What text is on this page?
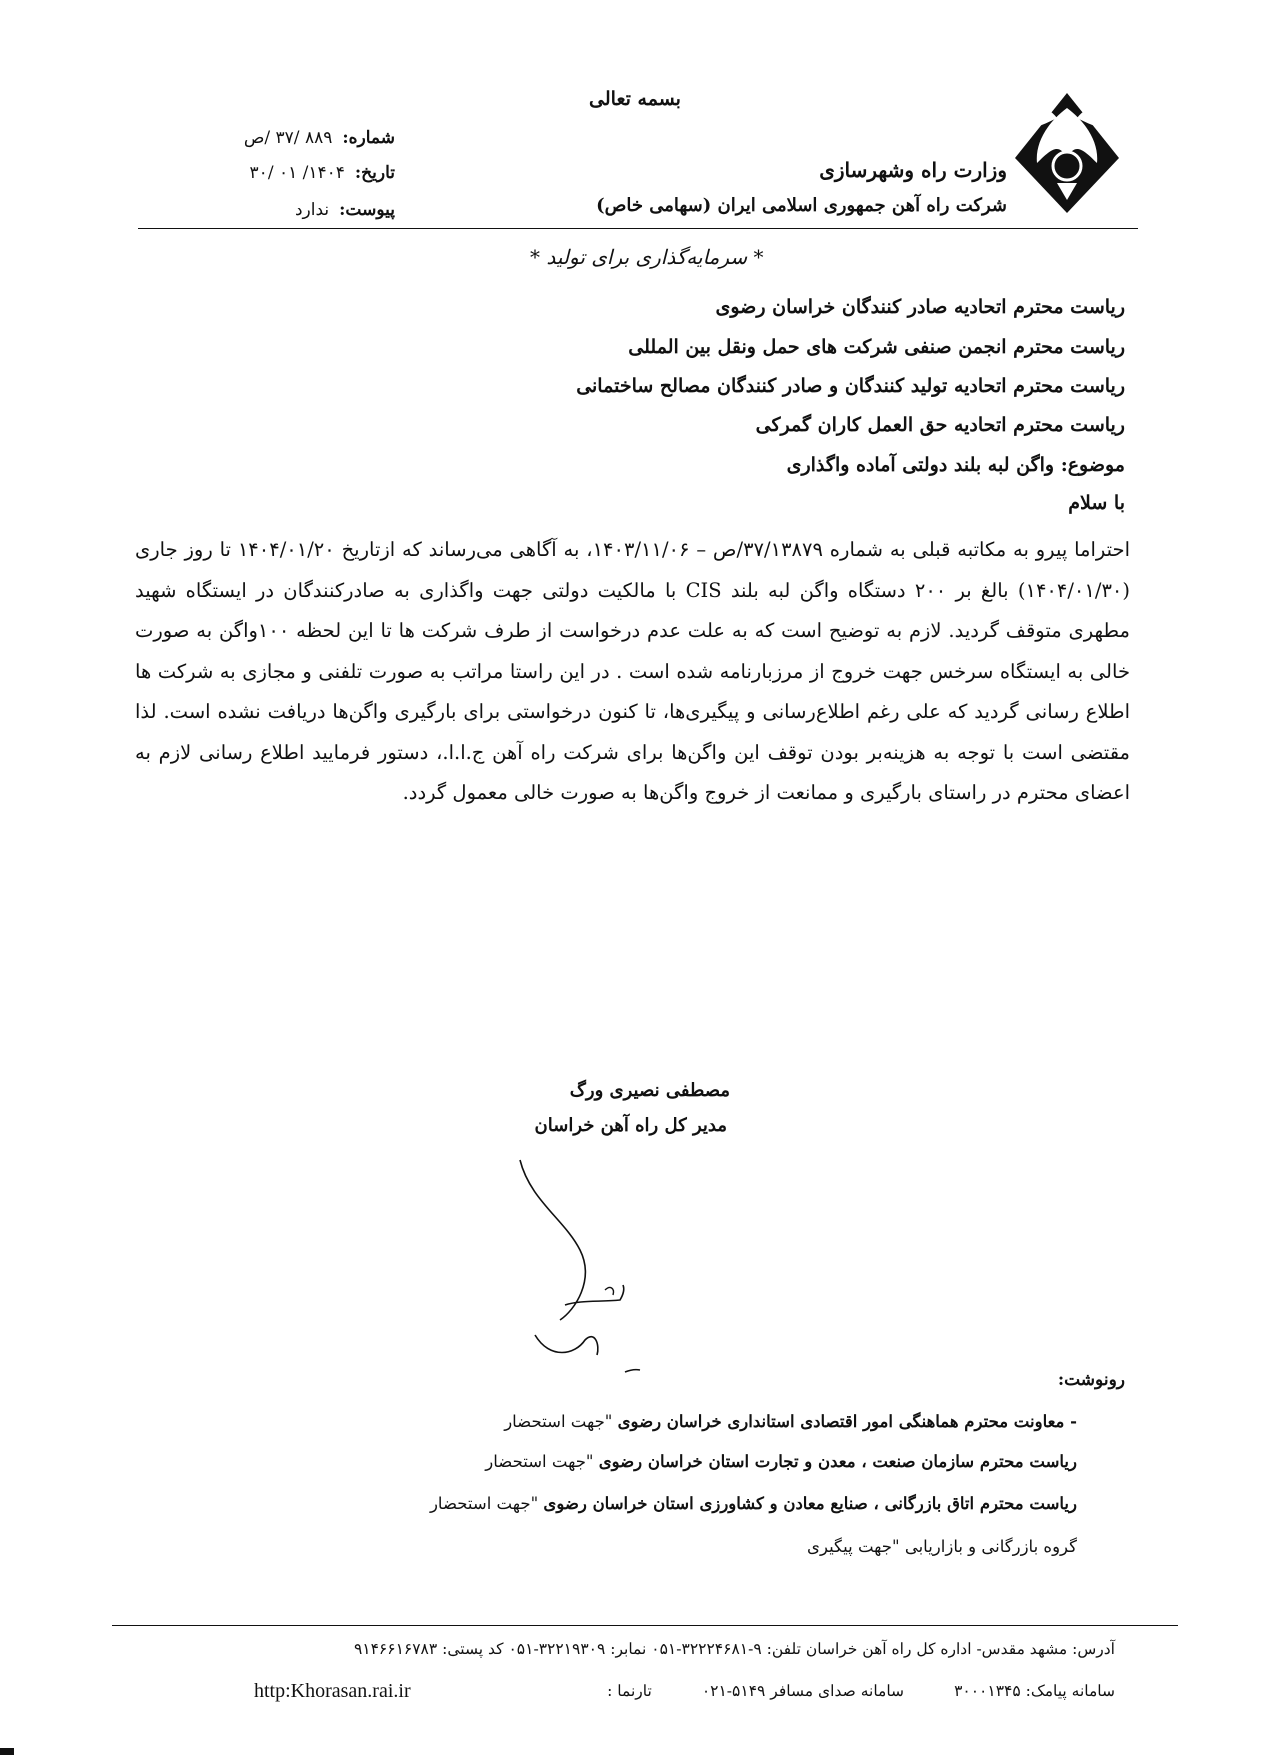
بسمه تعالی
وزارت راه وشهرسازی
شرکت راه آهن جمهوری اسلامی ایران (سهامی خاص)
شماره:۸۸۹ /۳۷ /ص
تاریخ:۱۴۰۴/ ۰۱ /۳۰
پیوست:ندارد
* سرمایه‌گذاری برای تولید *
ریاست محترم اتحادیه صادر کنندگان خراسان رضوی
ریاست محترم انجمن صنفی شرکت های حمل ونقل بین المللی
ریاست محترم اتحادیه تولید کنندگان و صادر کنندگان مصالح ساختمانی
ریاست محترم اتحادیه حق العمل کاران گمرکی
موضوع: واگن لبه بلند دولتی آماده واگذاری
با سلام
احتراما پیرو به مکاتبه قبلی به شماره ۳۷/۱۳۸۷۹/ص – ۱۴۰۳/۱۱/۰۶، به آگاهی می‌رساند که ازتاریخ ۱۴۰۴/۰۱/۲۰ تا روز جاری (۱۴۰۴/۰۱/۳۰) بالغ بر ۲۰۰ دستگاه واگن لبه بلند CIS با مالکیت دولتی جهت واگذاری به صادرکنندگان در ایستگاه شهید مطهری متوقف گردید. لازم به توضیح است که به علت عدم درخواست از طرف شرکت ها تا این لحظه ۱۰۰واگن به صورت خالی به ایستگاه سرخس جهت خروج از مرزبارنامه شده است . در این راستا مراتب به صورت تلفنی و مجازی به شرکت ها اطلاع رسانی گردید که علی رغم اطلاع‌رسانی و پیگیری‌ها، تا کنون درخواستی برای بارگیری واگن‌ها دریافت نشده است. لذا مقتضی است با توجه به هزینه‌بر بودن توقف این واگن‌ها برای شرکت راه آهن ج.ا.ا.، دستور فرمایید اطلاع رسانی لازم به اعضای محترم در راستای بارگیری و ممانعت از خروج واگن‌ها به صورت خالی معمول گردد.
مصطفی نصیری ورگ
مدیر کل راه آهن خراسان
رونوشت:
- معاونت محترم هماهنگی امور اقتصادی استانداری خراسان رضوی "جهت استحضار
ریاست محترم سازمان صنعت ، معدن و تجارت استان خراسان رضوی "جهت استحضار
ریاست محترم اتاق بازرگانی ، صنایع معادن و کشاورزی استان خراسان رضوی "جهت استحضار
گروه بازرگانی و بازاریابی "جهت پیگیری
آدرس: مشهد مقدس- اداره کل راه آهن خراسان تلفن: ۹-۳۲۲۲۴۶۸۱-۰۵۱ نمابر: ۳۲۲۱۹۳۰۹-۰۵۱ کد پستی: ۹۱۴۶۶۱۶۷۸۳
سامانه پیامک: ۳۰۰۰۱۳۴۵سامانه صدای مسافر ۵۱۴۹-۰۲۱تارنما :
http:Khorasan.rai.ir
